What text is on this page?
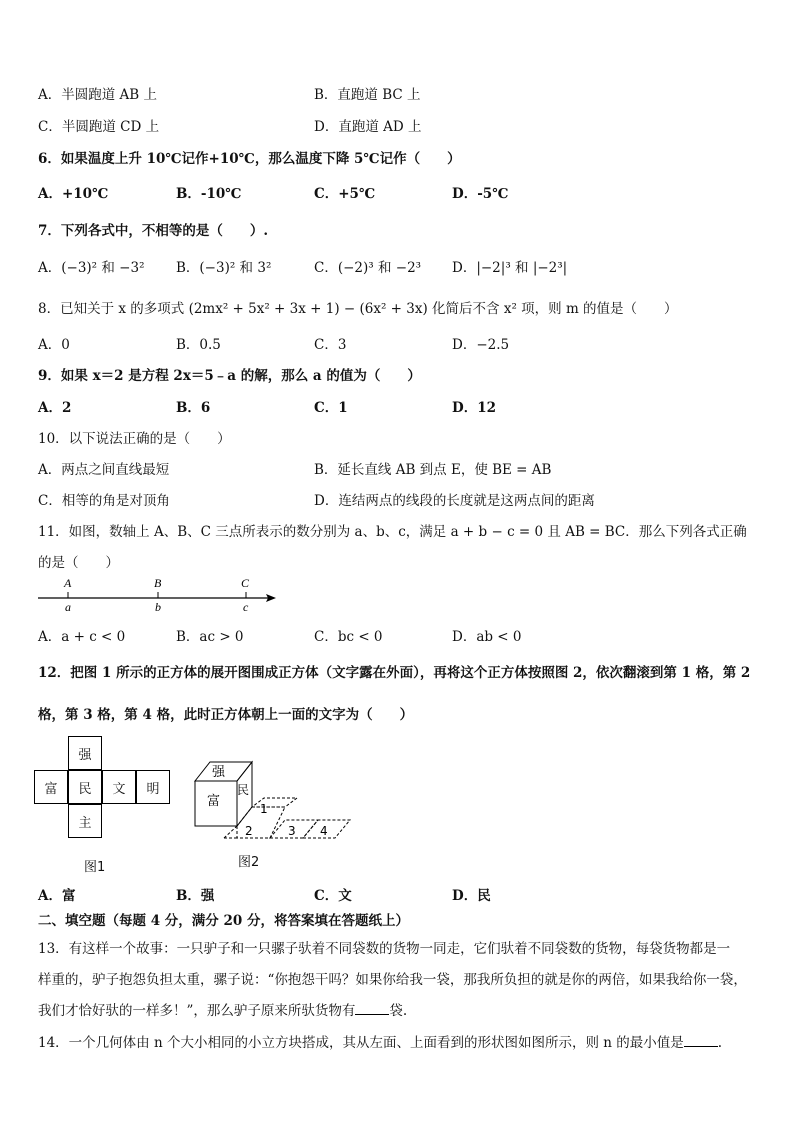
A．半圆跑道 AB 上	B．直跑道 BC 上
C．半圆跑道 CD 上	D．直跑道 AD 上
6．如果温度上升 10℃记作+10℃，那么温度下降 5℃记作（　　）
A．+10℃	B．-10℃	C．+5℃	D．-5℃
7．下列各式中，不相等的是（　　）.
A．(−3)² 和 −3² B．(−3)² 和 3²	C．(−2)³ 和 −2³ D．|−2|³ 和 |−2³|
8．已知关于 x 的多项式 (2mx² + 5x² + 3x + 1) − (6x² + 3x) 化简后不含 x² 项，则 m 的值是（　　）
A．0	B．0.5	C．3	D．−2.5
9．如果 x＝2 是方程 2x＝5﹣a 的解，那么 a 的值为（　　）
A．2	B．6	C．1	D．12
10．以下说法正确的是（　　）
A．两点之间直线最短	B．延长直线 AB 到点 E，使 BE = AB
C．相等的角是对顶角	D．连结两点的线段的长度就是这两点间的距离
11．如图，数轴上 A、B、C 三点所表示的数分别为 a、b、c，满足 a + b − c = 0 且 AB = BC．那么下列各式正确
的是（　　）
A	B	C
a	b	c
A．a + c < 0	B．ac > 0	C．bc < 0	D．ab < 0
12．把图 1 所示的正方体的展开图围成正方体（文字露在外面），再将这个正方体按照图 2，依次翻滚到第 1 格，第 2
格，第 3 格，第 4 格，此时正方体朝上一面的文字为（　　）
强
富	民	文	明
主
图1
强
富
民
1
2	3 4
图2
A．富	B．强	C．文	D．民
二、填空题（每题 4 分，满分 20 分，将答案填在答题纸上）
13．有这样一个故事：一只驴子和一只骡子驮着不同袋数的货物一同走，它们驮着不同袋数的货物，每袋货物都是一
样重的，驴子抱怨负担太重，骡子说：“你抱怨干吗？如果你给我一袋，那我所负担的就是你的两倍，如果我给你一袋，
我们才恰好驮的一样多！”，那么驴子原来所驮货物有	袋.
14．一个几何体由 n 个大小相同的小立方块搭成，其从左面、上面看到的形状图如图所示，则 n 的最小值是	.
